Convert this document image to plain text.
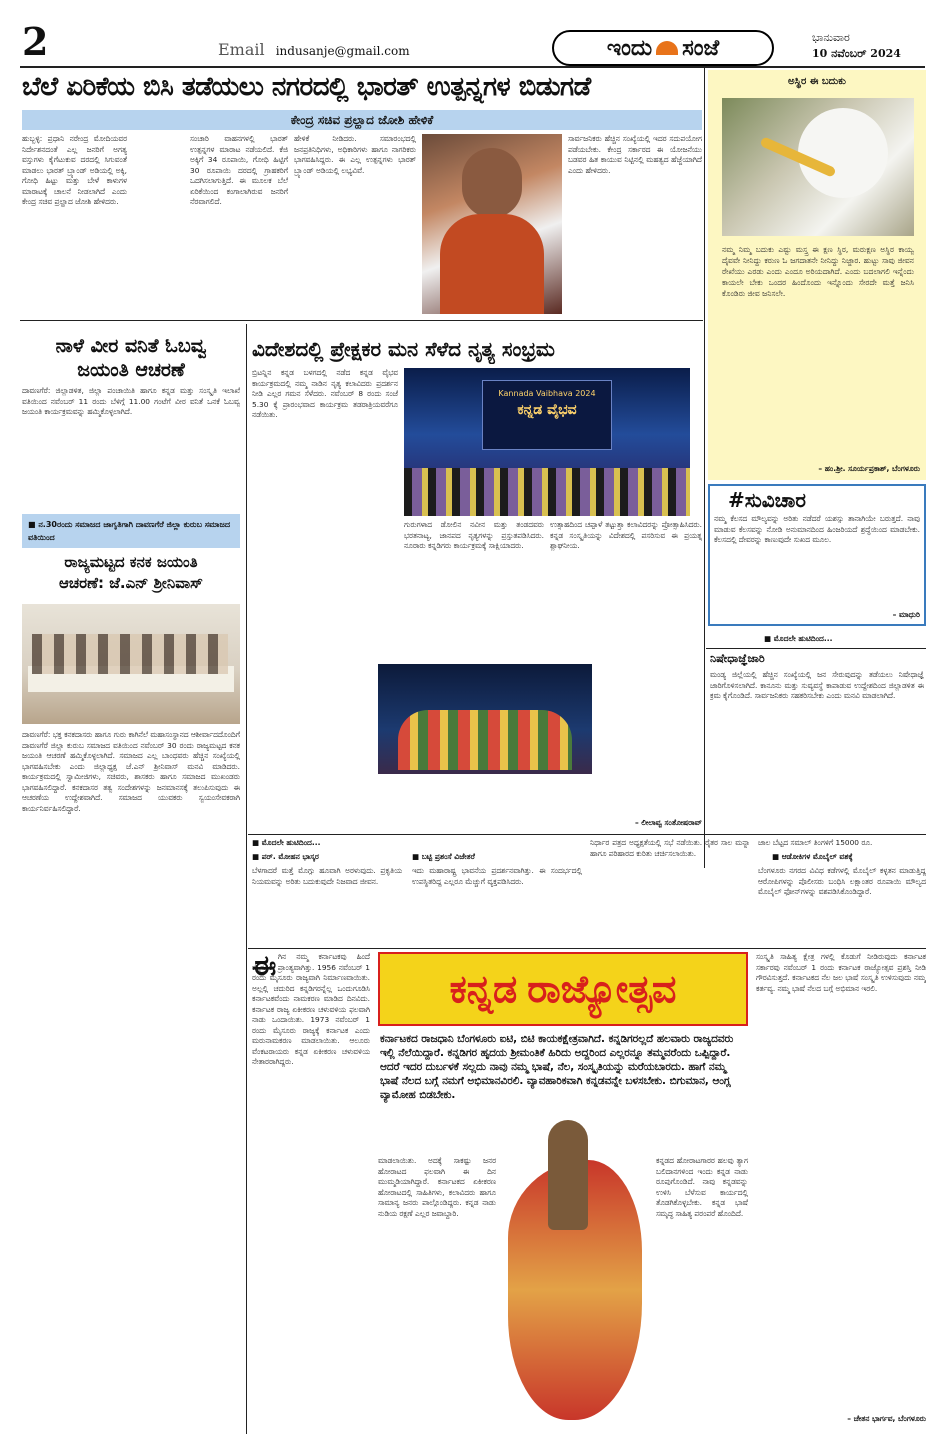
2	Email indusanje@gmail.com	ಇಂದು ಸಂಜೆ	ಭಾನುವಾರ
10 ನವೆಂಬರ್ 2024
ಬೆಲೆ ಏರಿಕೆಯ ಬಿಸಿ ತಡೆಯಲು ನಗರದಲ್ಲಿ ಭಾರತ್ ಉತ್ಪನ್ನಗಳ ಬಿಡುಗಡೆ
ಕೇಂದ್ರ ಸಚಿವ ಪ್ರಲ್ಹಾದ ಜೋಶಿ ಹೇಳಿಕೆ
ಹುಬ್ಬಳ್ಳಿ: ಪ್ರಧಾನಿ ನರೇಂದ್ರ ಮೋದಿಯವರ ನಿರ್ದೇಶನದಂತೆ ಎಲ್ಲ ಜನರಿಗೆ ಅಗತ್ಯ ವಸ್ತುಗಳು ಕೈಗೆಟುಕುವ ದರದಲ್ಲಿ ಸಿಗುವಂತೆ ಮಾಡಲು ಭಾರತ್ ಬ್ರ್ಯಾಂಡ್ ಅಡಿಯಲ್ಲಿ ಅಕ್ಕಿ, ಗೋಧಿ ಹಿಟ್ಟು ಮತ್ತು ಬೇಳೆ ಕಾಳುಗಳ ಮಾರಾಟಕ್ಕೆ ಚಾಲನೆ ನೀಡಲಾಗಿದೆ ಎಂದು ಕೇಂದ್ರ ಸಚಿವ ಪ್ರಲ್ಹಾದ ಜೋಶಿ ಹೇಳಿದರು.
ಸಂಚಾರಿ ವಾಹನಗಳಲ್ಲಿ ಭಾರತ್ ಉತ್ಪನ್ನಗಳ ಮಾರಾಟ ನಡೆಯಲಿದೆ. ಕೆಜಿ ಅಕ್ಕಿಗೆ 34 ರೂಪಾಯಿ, ಗೋಧಿ ಹಿಟ್ಟಿಗೆ 30 ರೂಪಾಯಿ ದರದಲ್ಲಿ ಗ್ರಾಹಕರಿಗೆ ಒದಗಿಸಲಾಗುತ್ತಿದೆ. ಈ ಮೂಲಕ ಬೆಲೆ ಏರಿಕೆಯಿಂದ ಕಂಗಾಲಾಗಿರುವ ಜನರಿಗೆ ನೆರವಾಗಲಿದೆ.
ಹೇಳಿಕೆ ನೀಡಿದರು. ಸಮಾರಂಭದಲ್ಲಿ ಜನಪ್ರತಿನಿಧಿಗಳು, ಅಧಿಕಾರಿಗಳು ಹಾಗೂ ನಾಗರಿಕರು ಭಾಗವಹಿಸಿದ್ದರು. ಈ ಎಲ್ಲ ಉತ್ಪನ್ನಗಳು ಭಾರತ್ ಬ್ರ್ಯಾಂಡ್ ಅಡಿಯಲ್ಲಿ ಲಭ್ಯವಿವೆ.
ಸಾರ್ವಜನಿಕರು ಹೆಚ್ಚಿನ ಸಂಖ್ಯೆಯಲ್ಲಿ ಇದರ ಸದುಪಯೋಗ ಪಡೆಯಬೇಕು. ಕೇಂದ್ರ ಸರ್ಕಾರದ ಈ ಯೋಜನೆಯು ಬಡವರ ಹಿತ ಕಾಯುವ ನಿಟ್ಟಿನಲ್ಲಿ ಮಹತ್ವದ ಹೆಜ್ಜೆಯಾಗಿದೆ ಎಂದು ಹೇಳಿದರು.
ಅಸ್ಥಿರ ಈ ಬದುಕು
ನಮ್ಮ ನಿಮ್ಮ ಬದುಕು ಎಷ್ಟು ಮಸ್ತ್ರ ಈ ಕ್ಷಣ ಸ್ಥಿರ, ಮರುಕ್ಷಣ ಅಸ್ಥಿರ ಕಾಯ್ವ ದೈವವೇ ನೀನಿದ್ದು ಕರುಣ ಓ ಜಗದಾತನೇ ನೀನಿದ್ದು ನಿಜ್ಜಾರ. ಹುಟ್ಟು ಸಾವು ಜೀವನ ರೇಖೆಯು ಎರಡು ಎಂದು ಎಂದೂ ಅರಿಯದಾಗಿದೆ. ಎಂದು ಬದಲಾಗಲಿ ಇನ್ನೆಂದು ಕಾಯಲೇ ಬೇಕು ಒಂದರ ಹಿಂದೊಂದು ಇನ್ನೊಂದು ಸೇರದೇ ಮತ್ತೆ ಜನಿಸಿ ಕೊಂಡಿರು ಜೀವ ಜನಿಸಲೇ.
– ಹಂ.ಶ್ರೀ. ಸೂರ್ಯಪ್ರಕಾಶ್, ಬೆಂಗಳೂರು
#ಸುವಿಚಾರ
ನಮ್ಮ ಕೆಲಸದ ಮೌಲ್ಯವನ್ನು ಅರಿತು ನಡೆದರೆ ಯಶಸ್ಸು ತಾನಾಗಿಯೇ ಬರುತ್ತದೆ. ನಾವು ಮಾಡುವ ಕೆಲಸವನ್ನು ನೋಡಿ ಅನುಮಾನದಿಂದ ಹಿಂಜರಿಯದೆ ಶ್ರದ್ಧೆಯಿಂದ ಮಾಡಬೇಕು. ಕೆಲಸದಲ್ಲಿ ದೇವರನ್ನು ಕಾಣುವುದೇ ಸುಖದ ಮೂಲ.
– ಮಾಧುರಿ
■ ಮೊದಲೇ ಹುಟಿದಿಂದ...
ನಿಷೇಧಾಜ್ಞೆಜಾರಿ
ಮಂಡ್ಯ ಜಿಲ್ಲೆಯಲ್ಲಿ ಹೆಚ್ಚಿನ ಸಂಖ್ಯೆಯಲ್ಲಿ ಜನ ಸೇರುವುದನ್ನು ತಡೆಯಲು ನಿಷೇಧಾಜ್ಞೆ ಜಾರಿಗೊಳಿಸಲಾಗಿದೆ. ಕಾನೂನು ಮತ್ತು ಸುವ್ಯವಸ್ಥೆ ಕಾಪಾಡುವ ಉದ್ದೇಶದಿಂದ ಜಿಲ್ಲಾಡಳಿತ ಈ ಕ್ರಮ ಕೈಗೊಂಡಿದೆ. ಸಾರ್ವಜನಿಕರು ಸಹಕರಿಸಬೇಕು ಎಂದು ಮನವಿ ಮಾಡಲಾಗಿದೆ.
ನಾಳೆ ವೀರ ವನಿತೆ ಓಬವ್ವ
ಜಯಂತಿ ಆಚರಣೆ
ದಾವಣಗೆರೆ: ಜಿಲ್ಲಾಡಳಿತ, ಜಿಲ್ಲಾ ಪಂಚಾಯಿತಿ ಹಾಗೂ ಕನ್ನಡ ಮತ್ತು ಸಂಸ್ಕೃತಿ ಇಲಾಖೆ ವತಿಯಿಂದ ನವೆಂಬರ್ 11 ರಂದು ಬೆಳಿಗ್ಗೆ 11.00 ಗಂಟೆಗೆ ವೀರ ವನಿತೆ ಒನಕೆ ಓಬವ್ವ ಜಯಂತಿ ಕಾರ್ಯಕ್ರಮವನ್ನು ಹಮ್ಮಿಕೊಳ್ಳಲಾಗಿದೆ.
■ ನ.30ರಂದು ಸಮಾಜದ ಜಾಗೃತಿಗಾಗಿ ದಾವಣಗೆರೆ ಜಿಲ್ಲಾ ಕುರುಬ ಸಮಾಜದ ವತಿಯಿಂದ
ರಾಜ್ಯಮಟ್ಟದ ಕನಕ ಜಯಂತಿ
ಆಚರಣೆ: ಜೆ.ಎನ್ ಶ್ರೀನಿವಾಸ್
ದಾವಣಗೆರೆ: ಭಕ್ತ ಕನಕದಾಸರು ಹಾಗೂ ಗುರು ಕಾಗಿನೆಲೆ ಮಹಾಸಂಸ್ಥಾನದ ಆಶೀರ್ವಾದದೊಂದಿಗೆ ದಾವಣಗೆರೆ ಜಿಲ್ಲಾ ಕುರುಬ ಸಮಾಜದ ವತಿಯಿಂದ ನವೆಂಬರ್ 30 ರಂದು ರಾಜ್ಯಮಟ್ಟದ ಕನಕ ಜಯಂತಿ ಆಚರಣೆ ಹಮ್ಮಿಕೊಳ್ಳಲಾಗಿದೆ. ಸಮಾಜದ ಎಲ್ಲ ಬಾಂಧವರು ಹೆಚ್ಚಿನ ಸಂಖ್ಯೆಯಲ್ಲಿ ಭಾಗವಹಿಸಬೇಕು ಎಂದು ಜಿಲ್ಲಾಧ್ಯಕ್ಷ ಜೆ.ಎನ್ ಶ್ರೀನಿವಾಸ್ ಮನವಿ ಮಾಡಿದರು. ಕಾರ್ಯಕ್ರಮದಲ್ಲಿ ಸ್ವಾಮೀಜಿಗಳು, ಸಚಿವರು, ಶಾಸಕರು ಹಾಗೂ ಸಮಾಜದ ಮುಖಂಡರು ಭಾಗವಹಿಸಲಿದ್ದಾರೆ. ಕನಕದಾಸರ ತತ್ವ ಸಂದೇಶಗಳನ್ನು ಜನಮಾನಸಕ್ಕೆ ತಲುಪಿಸುವುದು ಈ ಆಚರಣೆಯ ಉದ್ದೇಶವಾಗಿದೆ. ಸಮಾಜದ ಯುವಕರು ಸ್ವಯಂಸೇವಕರಾಗಿ ಕಾರ್ಯನಿರ್ವಹಿಸಲಿದ್ದಾರೆ.
ವಿದೇಶದಲ್ಲಿ ಪ್ರೇಕ್ಷಕರ ಮನ ಸೆಳೆದ ನೃತ್ಯ ಸಂಭ್ರಮ
ಬ್ರಿಟನ್ನಿನ ಕನ್ನಡ ಬಳಗದಲ್ಲಿ ನಡೆದ ಕನ್ನಡ ವೈಭವ ಕಾರ್ಯಕ್ರಮದಲ್ಲಿ ನಮ್ಮ ನಾಡಿನ ನೃತ್ಯ ಕಲಾವಿದರು ಪ್ರದರ್ಶನ ನೀಡಿ ಎಲ್ಲರ ಗಮನ ಸೆಳೆದರು. ನವೆಂಬರ್ 8 ರಂದು ಸಂಜೆ 5.30 ಕ್ಕೆ ಪ್ರಾರಂಭವಾದ ಕಾರ್ಯಕ್ರಮ ತಡರಾತ್ರಿಯವರೆಗೂ ನಡೆಯಿತು.
Kannada Vaibhava 2024
ಕನ್ನಡ ವೈಭವ
ಗುರುಗಳಾದ ಡೋಲಿನ ನವೀನ ಮತ್ತು ತಂಡದವರು ಭರತನಾಟ್ಯ, ಜಾನಪದ ನೃತ್ಯಗಳನ್ನು ಪ್ರಸ್ತುತಪಡಿಸಿದರು. ನೂರಾರು ಕನ್ನಡಿಗರು ಕಾರ್ಯಕ್ರಮಕ್ಕೆ ಸಾಕ್ಷಿಯಾದರು.
ಉತ್ಸಾಹದಿಂದ ಚಪ್ಪಾಳೆ ತಟ್ಟುತ್ತಾ ಕಲಾವಿದರನ್ನು ಪ್ರೋತ್ಸಾಹಿಸಿದರು. ಕನ್ನಡ ಸಂಸ್ಕೃತಿಯನ್ನು ವಿದೇಶದಲ್ಲಿ ಪಸರಿಸುವ ಈ ಪ್ರಯತ್ನ ಶ್ಲಾಘನೀಯ.
– ಲೀಲಾವ್ವ ಸಂತೋಷರಾವ್
■ ಮೊದಲೇ ಹುಟಿದಿಂದ...
■ ಪರ್. ಮೋಹನ ಭಾಸ್ಕರ
ಬೆಳಗಾದರೆ ಮತ್ತೆ ಮೊಗ್ಗು ಹೂವಾಗಿ ಅರಳುವುದು. ಪ್ರಕೃತಿಯ ನಿಯಮವನ್ನು ಅರಿತು ಬದುಕುವುದೇ ನಿಜವಾದ ಜೀವನ.
■ ಬಟ್ಟಿ ಪ್ರಶಂಸೆ ವಿಜೇತರೆ
ಇದು ಮಹಾರಾಷ್ಟ್ರ ಭಾವನೆಯ ಪ್ರದರ್ಶನವಾಗಿತ್ತು. ಈ ಸಂದರ್ಭದಲ್ಲಿ ಉಪಸ್ಥಿತರಿದ್ದ ಎಲ್ಲರೂ ಮೆಚ್ಚುಗೆ ವ್ಯಕ್ತಪಡಿಸಿದರು.
ನಿರ್ಧಾರ ಪತ್ರದ ಅಧ್ಯಕ್ಷತೆಯಲ್ಲಿ ಸಭೆ ನಡೆಯಿತು. ರೈತರ ಸಾಲ ಮನ್ನಾ ಹಾಗೂ ಪರಿಹಾರದ ಕುರಿತು ಚರ್ಚಿಸಲಾಯಿತು.
ಜಾಲ ಬೆಟ್ಟದ ಸಮಾಲ್ ತಿಂಗಳಿಗೆ 15000 ರೂ.
■ ಆಡೋಕಿಗಳ ಮೊಬೈಲ್ ವಶಕ್ಕೆ
ಬೆಂಗಳೂರು ನಗರದ ವಿವಿಧ ಕಡೆಗಳಲ್ಲಿ ಮೊಬೈಲ್ ಕಳ್ಳತನ ಮಾಡುತ್ತಿದ್ದ ಆರೋಪಿಗಳನ್ನು ಪೊಲೀಸರು ಬಂಧಿಸಿ ಲಕ್ಷಾಂತರ ರೂಪಾಯಿ ಮೌಲ್ಯದ ಮೊಬೈಲ್ ಫೋನ್‌ಗಳನ್ನು ವಶಪಡಿಸಿಕೊಂಡಿದ್ದಾರೆ.
ಈ ಗಿನ ನಮ್ಮ ಕರ್ನಾಟಕವು ಹಿಂದೆ ಮೈಸೂರು ಪ್ರಾಂತ್ಯವಾಗಿತ್ತು. 1956 ನವೆಂಬರ್ 1 ರಂದು ಮೈಸೂರು ರಾಜ್ಯವಾಗಿ ನಿರ್ಮಾಣವಾಯಿತು. ಅಲ್ಲಲ್ಲಿ ಚದುರಿದ ಕನ್ನಡಿಗರನ್ನೆಲ್ಲ ಒಂದುಗೂಡಿಸಿ ಕರ್ನಾಟಕವೆಂದು ನಾಮಕರಣ ಮಾಡಿದ ದಿನವಿದು. ಕರ್ನಾಟಕ ರಾಜ್ಯ ಏಕೀಕರಣ ಚಳುವಳಿಯ ಫಲವಾಗಿ ನಾಡು ಒಂದಾಯಿತು. 1973 ನವೆಂಬರ್ 1 ರಂದು ಮೈಸೂರು ರಾಜ್ಯಕ್ಕೆ ಕರ್ನಾಟಕ ಎಂದು ಮರುನಾಮಕರಣ ಮಾಡಲಾಯಿತು. ಆಲೂರು ವೆಂಕಟರಾಯರು ಕನ್ನಡ ಏಕೀಕರಣ ಚಳುವಳಿಯ ನೇತಾರರಾಗಿದ್ದರು.
ಕನ್ನಡ ರಾಜ್ಯೋತ್ಸವ
ಕರ್ನಾಟಕದ ರಾಜಧಾನಿ ಬೆಂಗಳೂರು ಐಟಿ, ಬಿಟಿ ಕಾಯಕಕ್ಷೇತ್ರವಾಗಿದೆ. ಕನ್ನಡಿಗರಲ್ಲದೆ ಹಲವಾರು ರಾಜ್ಯದವರು ಇಲ್ಲಿ ನೆಲೆಯಿದ್ದಾರೆ. ಕನ್ನಡಿಗರ ಹೃದಯ ಶ್ರೀಮಂತಿಕೆ ಹಿರಿದು ಅದ್ದರಿಂದ ಎಲ್ಲರನ್ನೂ ತಮ್ಮವರೆಂದು ಒಪ್ಪಿದ್ದಾರೆ. ಆದರೆ ಇದರ ದುರ್ಬಳಕೆ ಸಲ್ಲದು ನಾವು ನಮ್ಮ ಭಾಷೆ, ನೆಲ, ಸಂಸ್ಕೃತಿಯನ್ನು ಮರೆಯಬಾರದು. ಹಾಗೆ ನಮ್ಮ ಭಾಷೆ ನೆಲದ ಬಗ್ಗೆ ನಮಗೆ ಅಭಿಮಾನವಿರಲಿ. ವ್ಯಾವಹಾರಿಕವಾಗಿ ಕನ್ನಡವನ್ನೇ ಬಳಸಬೇಕು. ಬಿಗುಮಾನ, ಆಂಗ್ಲ ವ್ಯಾಮೋಹ ಬಿಡಬೇಕು.
ಮಾಡಲಾಯಿತು. ಅದಕ್ಕೆ ಸಾಕಷ್ಟು ಜನರ ಹೋರಾಟದ ಫಲವಾಗಿ ಈ ದಿನ ಮುಮ್ಮಡಿಯಾಗಿದ್ದಾರೆ. ಕರ್ನಾಟಕದ ಏಕೀಕರಣ ಹೋರಾಟದಲ್ಲಿ ಸಾಹಿತಿಗಳು, ಕಲಾವಿದರು ಹಾಗೂ ಸಾಮಾನ್ಯ ಜನರು ಪಾಲ್ಗೊಂಡಿದ್ದರು. ಕನ್ನಡ ನಾಡು ನುಡಿಯ ರಕ್ಷಣೆ ಎಲ್ಲರ ಜವಾಬ್ದಾರಿ.
ಕನ್ನಡದ ಹೋರಾಟಗಾರರ ಹಲವು ತ್ಯಾಗ ಬಲಿದಾನಗಳಿಂದ ಇಂದು ಕನ್ನಡ ನಾಡು ರೂಪುಗೊಂಡಿದೆ. ನಾವು ಕನ್ನಡವನ್ನು ಉಳಿಸಿ ಬೆಳೆಸುವ ಕಾರ್ಯದಲ್ಲಿ ತೊಡಗಿಕೊಳ್ಳಬೇಕು. ಕನ್ನಡ ಭಾಷೆ ಸಮೃದ್ಧ ಸಾಹಿತ್ಯ ಪರಂಪರೆ ಹೊಂದಿದೆ.
ಸಂಸ್ಕೃತಿ ಸಾಹಿತ್ಯ ಕ್ಷೇತ್ರ ಗಳಲ್ಲಿ ಕೊಡುಗೆ ನೀಡಿರುವುದು ಕರ್ನಾಟಕ ಸರ್ಕಾರವು ನವೆಂಬರ್ 1 ರಂದು ಕರ್ನಾಟಕ ರಾಜ್ಯೋತ್ಸವ ಪ್ರಶಸ್ತಿ ನೀಡಿ ಗೌರವಿಸುತ್ತದೆ. ಕರ್ನಾಟಕದ ನೆಲ ಜಲ ಭಾಷೆ ಸಂಸ್ಕೃತಿ ಉಳಿಸುವುದು ನಮ್ಮ ಕರ್ತವ್ಯ. ನಮ್ಮ ಭಾಷೆ ನೆಲದ ಬಗ್ಗೆ ಅಭಿಮಾನ ಇರಲಿ.
– ಚೇತನ ಭಾರ್ಗವ, ಬೆಂಗಳೂರು
